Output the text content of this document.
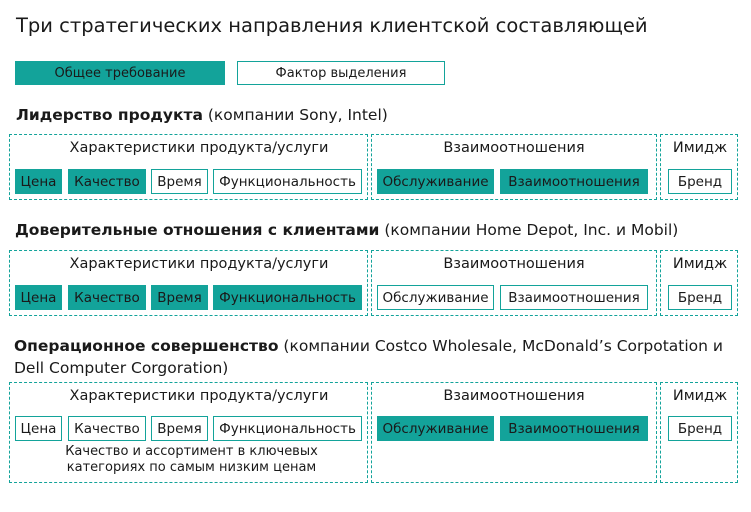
Три стратегических направления клиентской составляющей
Общее требование	Фактор выделения
Лидерство продукта (компании Sony, Intel)
Характеристики продукта/услуги	Взаимоотношения	Имидж
Цена	Качество	Время	Функциональность	Обслуживание	Взаимоотношения	Бренд
Доверительные отношения с клиентами (компании Home Depot, Inc. и Mobil)
Характеристики продукта/услуги	Взаимоотношения	Имидж
Цена	Качество	Время	Функциональность	Обслуживание	Взаимоотношения	Бренд
Операционное совершенство (компании Costco Wholesale, McDonald’s Corpotation и Dell Computer Corgoration)
Характеристики продукта/услуги	Взаимоотношения	Имидж
Цена	Качество	Время	Функциональность	Обслуживание	Взаимоотношения	Бренд
Качество и ассортимент в ключевых категориях по самым низким ценам
